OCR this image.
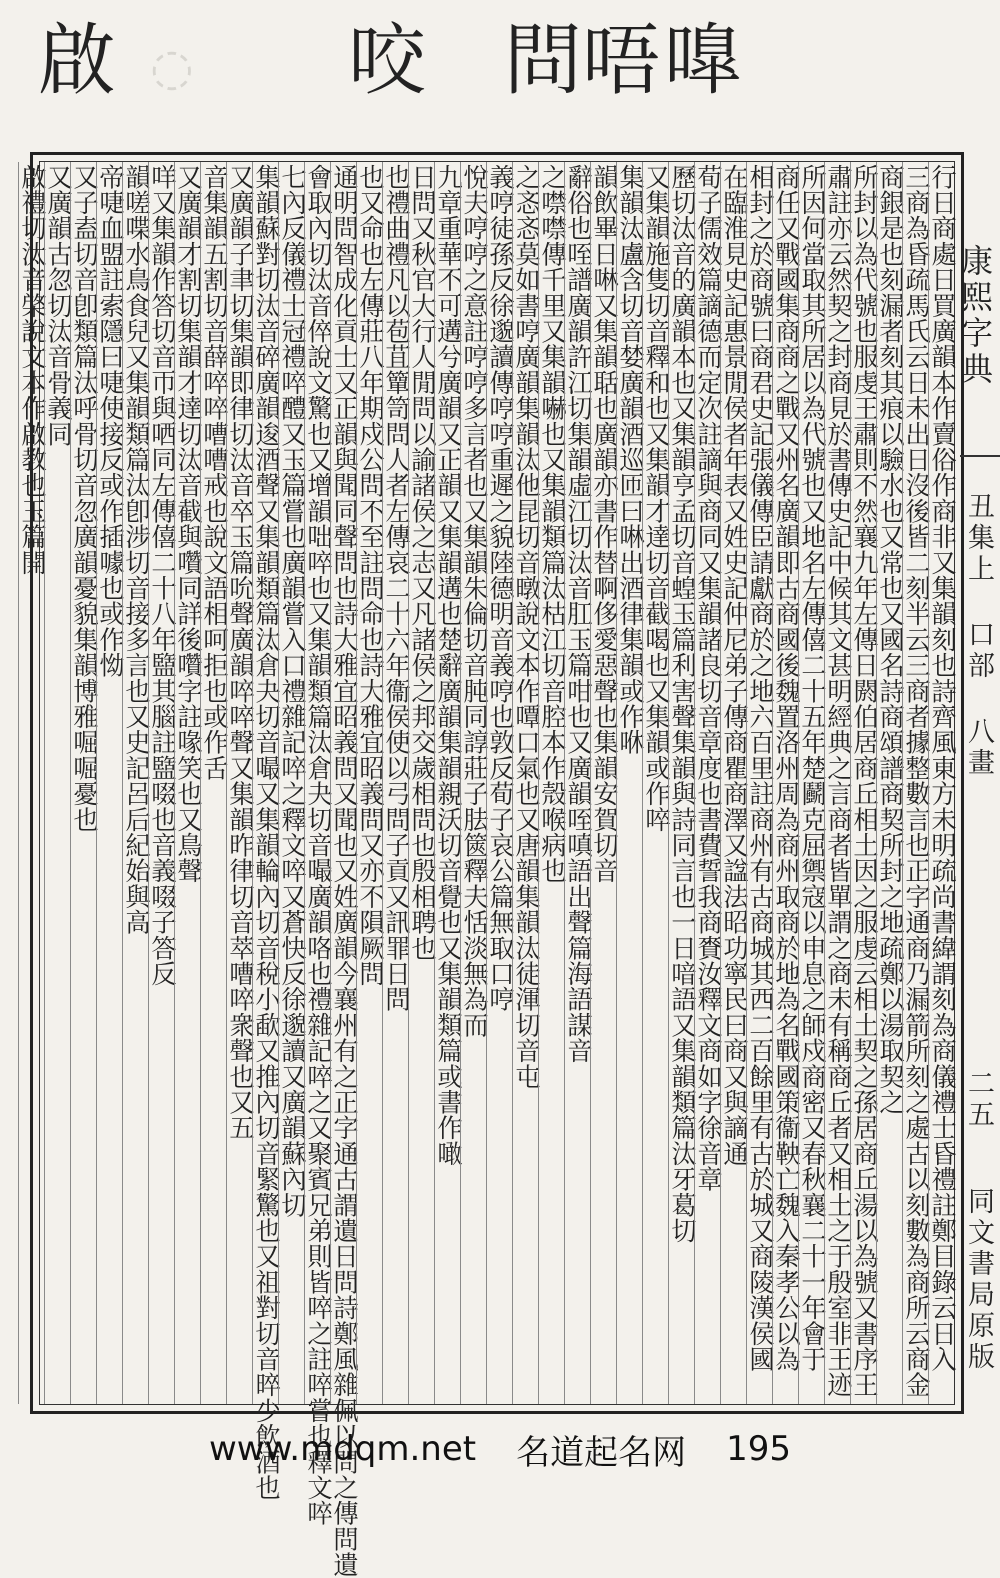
啟 ◌ 咬 問 唔 嘷
行日商處日買廣韻本作賣俗作商非又集韻刻也詩齊風東方未明疏尚書緯謂刻為商儀禮士昏禮註鄭目錄云日入
三商為昏疏馬氏云日未出日沒後皆二刻半云三商者據整數言也正字通商乃漏箭所刻之處古以刻數為商所云商金
商銀是也刻漏者刻其痕以驗水也又常也又國名詩商頌譜商契所封之地疏鄭以湯取契之
所封以為代號也服虔王肅則不然襄九年左傳日閼伯居商丘相土因之服虔云相土契之孫居商丘湯以為號又書序王
肅註亦云然契之封商見於書傳史記中候其文甚明經典之言商者皆單謂之商未有稱商丘者又相土之于殷室非王迹
所因何當取其所居以為代號也又地名左傳僖二十五年楚鬬克屈禦寇以申息之師戍商密又春秋襄二十一年會于
商任又戰國集商商之戰又州名廣韻即古商國後魏置洛州周為商州取商於地為名戰國策衞鞅亡魏入秦孝公以為
相封之於商號曰商君史記張儀傳臣請獻商於之地六百里註商州有古商城其西二百餘里有古於城又商陵漢侯國
在臨淮見史記惠景閒侯者年表又姓史記仲尼弟子傳商瞿商澤又諡法昭功寧民曰商又與謫通
荀子儒效篇謫德而定次註謫與商同又集韻諸良切音章度也書費誓我商賚汝釋文商如字徐音章
歷切汰音的廣韻本也又集韻亨孟切音蝗玉篇利害聲集韻與詩同言也一日喑語又集韻類篇汰牙葛切
又集韻施隻切音釋和也又集韻才達切音截喝也又集韻或作啐
集韻汰盧含切音婪廣韻酒巡匝曰啉出酒律集韻或作咻
韻飲畢日啉又集韻聒也廣韻亦書作替啊侈愛惡聲也集韻安賀切音
辭俗也咥譜廣韻許江切集韻虛江切汰音肛玉篇咁也又廣韻咥嗔語出聲篇海語謀音
之噤噤傳千里又集韻嚇也又集韻類篇汰枯江切音腔本作殼喉病也
之忞忞莫如書哼廣韻集韻汰他昆切音暾說文本作嘾口氣也又唐韻集韻汰徒渾切音屯
義哼徒孫反徐邈讀傳哼哼重遲之貌陸德明音義哼也敦反荀子哀公篇無取口哼
悅夫哼哼之意註哼哼多言者也又集韻朱倫切音肫同諄莊子胠篋釋夫恬淡無為而
九章重華不可遘兮廣韻又正韻又集韻遘也楚辭廣韻集韻親沃切音覺也又集韻類篇或書作噉
日問又秋官大行人閒問以諭諸侯之志又凡諸侯之邦交歲相問也殷相聘也
也禮曲禮凡以苞苴簞笥問人者左傳哀二十六年衞侯使以弓問子貢又訊罪日問
也又命也左傳莊八年期戍公問不至註問命也詩大雅宜昭義問又亦不隕厥問
通明問智成化貢士又正韻與聞同聲問也詩大雅宜昭義問又聞也又姓廣韻今襄州有之正字通古謂遺日問詩鄭風雜佩以問之傳問遺
會取內切汰音倅說文驚也又增韻咄啐也又集韻類篇汰倉夬切音嘬廣韻咯也禮雜記啐之又聚賓兄弟則皆啐之註啐嘗也釋文啐
七內反儀禮士冠禮啐醴又玉篇嘗也廣韻嘗入口禮雜記啐之釋文啐又蒼快反徐邈讀又廣韻蘇內切
集韻蘇對切汰音碎廣韻逡酒聲又集韻類篇汰倉夬切音嘬又集韻輪內切音稅小歃又推內切音緊驚也又祖對切音晬少飲酒也
又廣韻子聿切集韻即律切汰音卒玉篇吮聲廣韻啐啐聲又集韻昨律切音萃嘈啐衆聲也又五
音集韻五割切音薛啐啐嘈嘈戒也說文語相呵拒也或作舌
又廣韻才割切集韻才達切汰音截與囋同詳後囋字註喙笑也又鳥聲
咩又集韻作答切音帀與哂同左傳僖二十八年盬其腦註盬啜也音義啜子答反
韻嗟喋水鳥食兒又集韻類篇汰卽涉切音接多言也又史記呂后紀始與高
帝啑血盟註索隱曰啑使接反或作插噱也或作怮
又子盍切音卽類篇汰呼骨切音忽廣韻憂貌集韻博雅啒啒憂也
又廣韻古忽切汰音骨義同
啟禮切汰音棨說文本作啟教也玉篇開	康熙字典
丑集上 口部 八畫
二五
同文書局原版
www.mdqm.net 名道起名网 195
